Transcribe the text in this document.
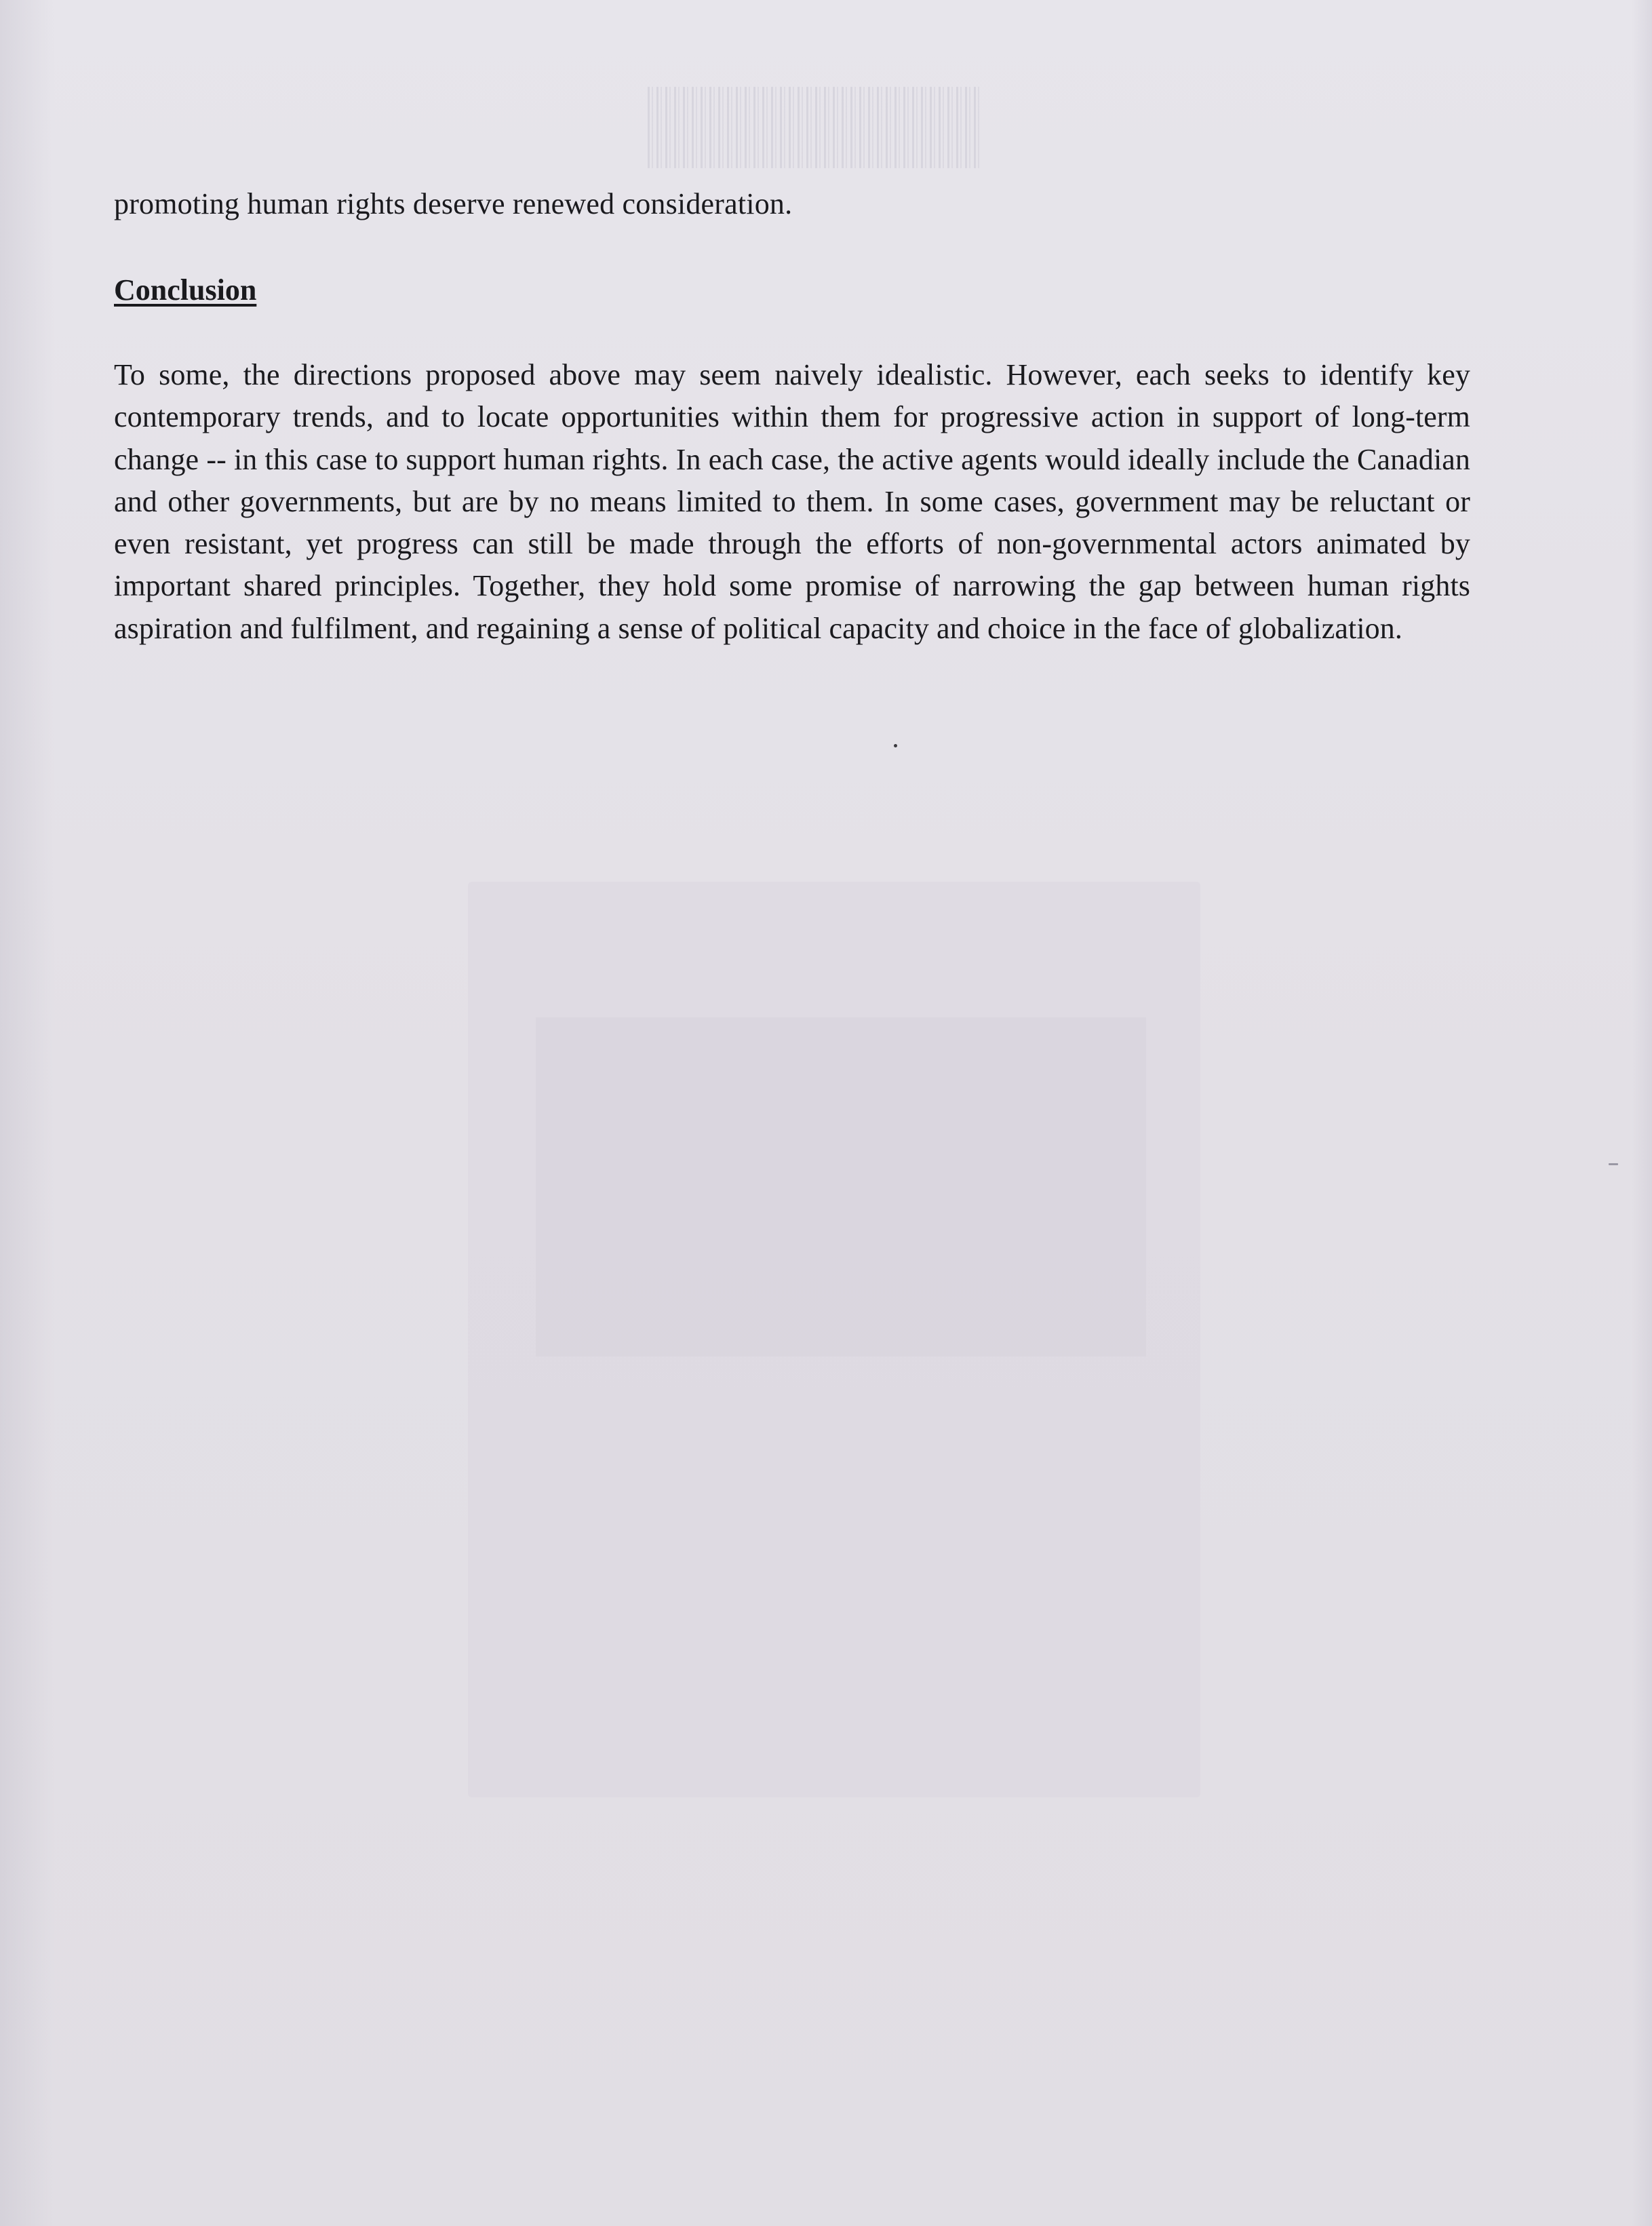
promoting human rights deserve renewed consideration.

Conclusion

To some, the directions proposed above may seem naively idealistic. However, each seeks to identify key contemporary trends, and to locate opportunities within them for progressive action in support of long-term change -- in this case to support human rights. In each case, the active agents would ideally include the Canadian and other governments, but are by no means limited to them. In some cases, government may be reluctant or even resistant, yet progress can still be made through the efforts of non-governmental actors animated by important shared principles. Together, they hold some promise of narrowing the gap between human rights aspiration and fulfilment, and regaining a sense of political capacity and choice in the face of globalization.
